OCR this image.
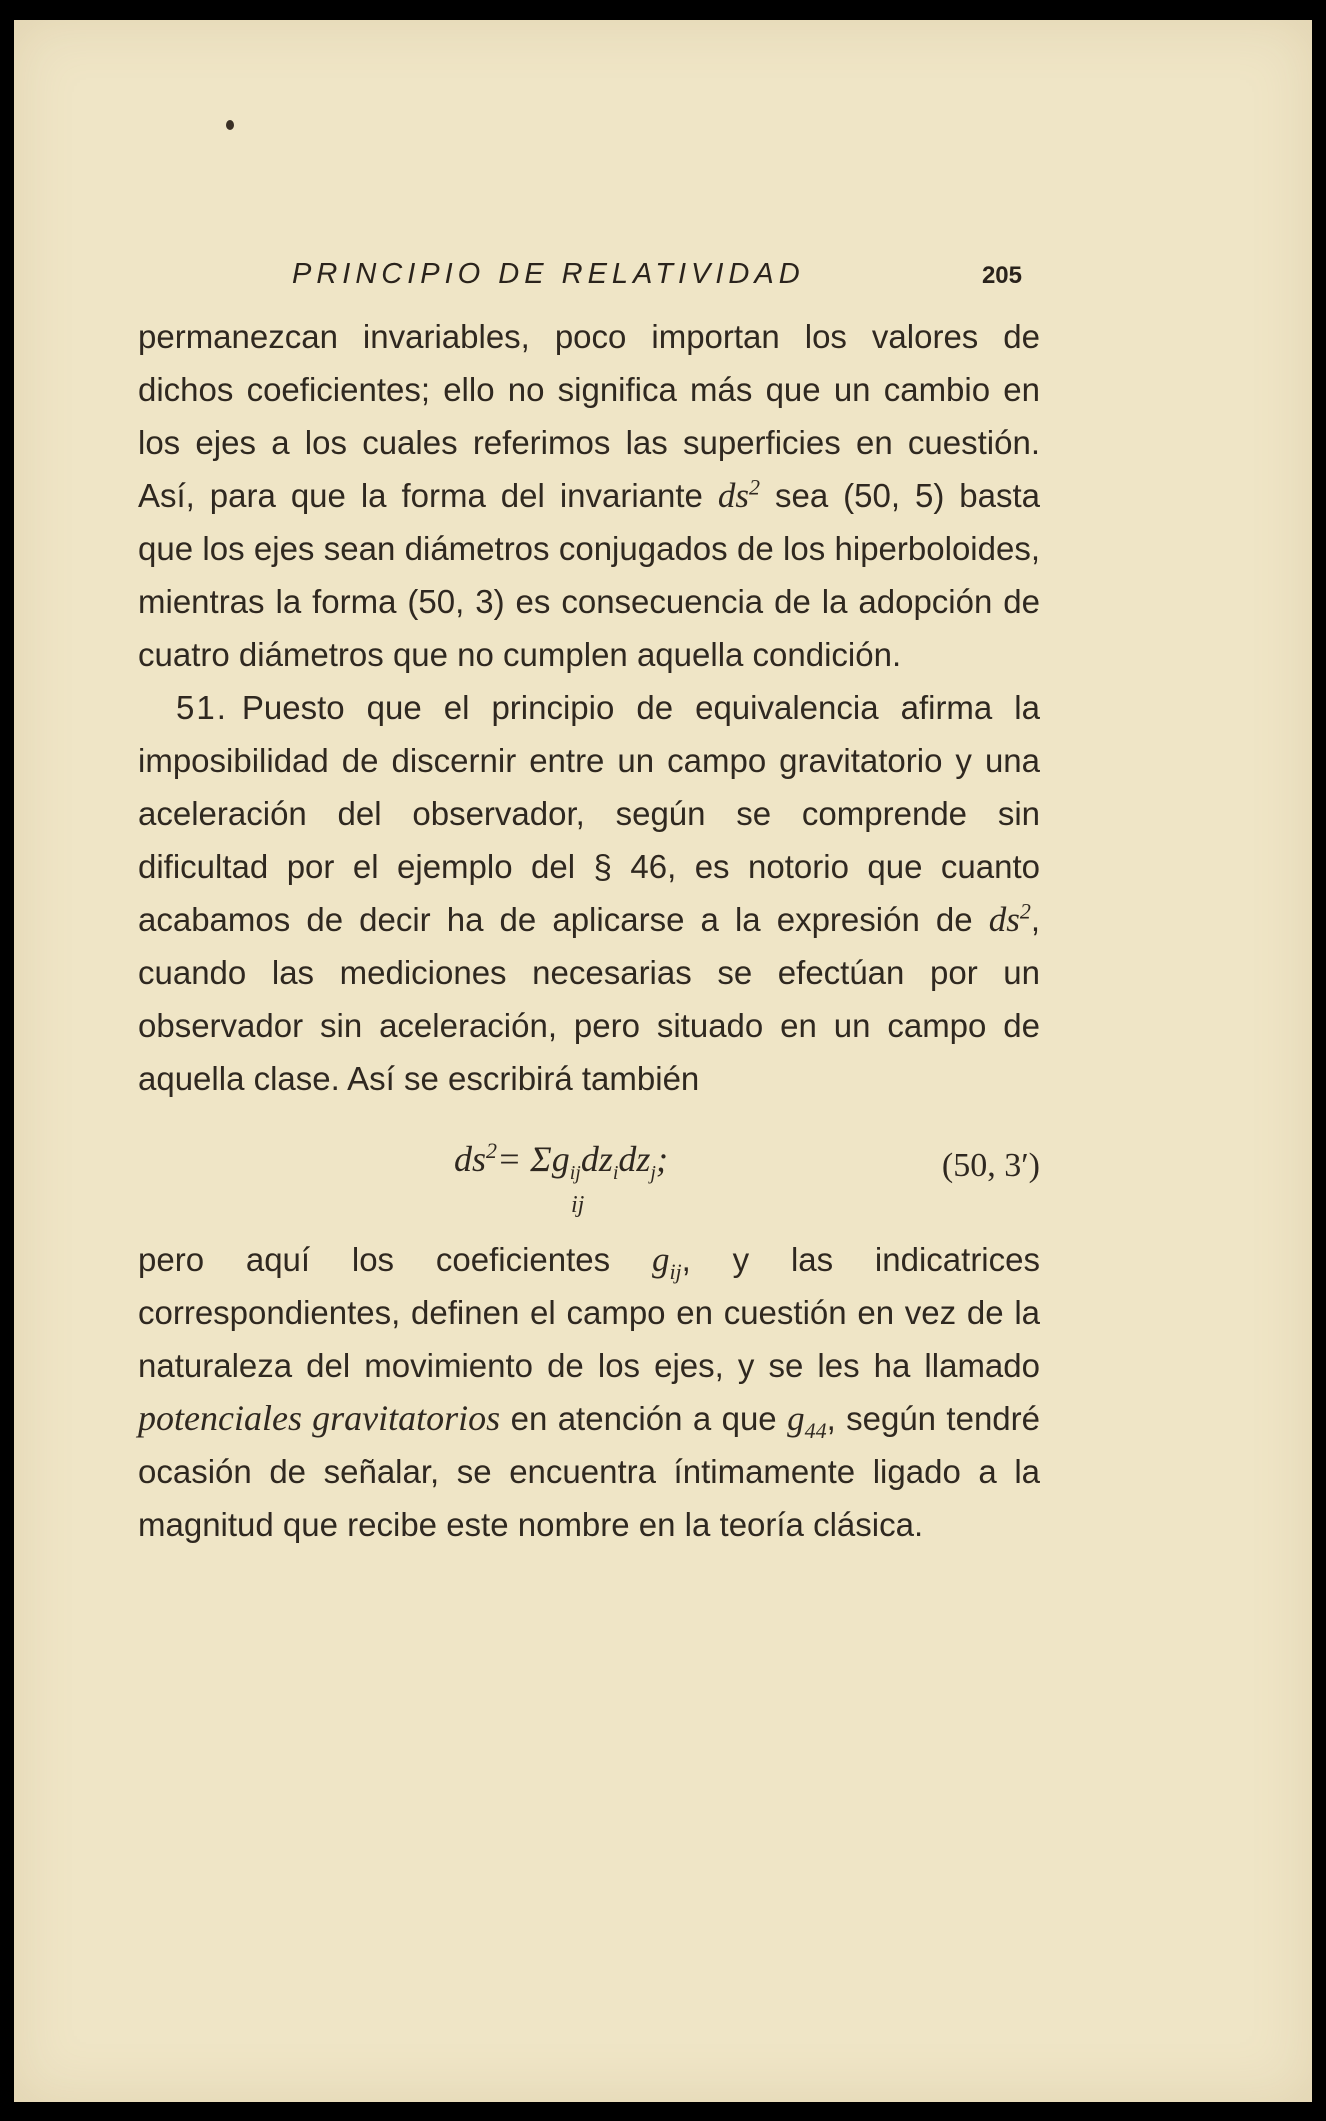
PRINCIPIO DE RELATIVIDAD	205

permanezcan invariables, poco importan los valores de dichos coeficientes; ello no significa más que un cambio en los ejes a los cuales referimos las superficies en cuestión. Así, para que la forma del invariante $ds^2$ sea (50, 5) basta que los ejes sean diámetros conjugados de los hiperboloides, mientras la forma (50, 3) es consecuencia de la adopción de cuatro diámetros que no cumplen aquella condición.

51. Puesto que el principio de equivalencia afirma la imposibilidad de discernir entre un campo gravitatorio y una aceleración del observador, según se comprende sin dificultad por el ejemplo del § 46, es notorio que cuanto acabamos de decir ha de aplicarse a la expresión de $ds^2$, cuando las mediciones necesarias se efectúan por un observador sin aceleración, pero situado en un campo de aquella clase. Así se escribirá también

$ds^2= \Sigma g$
ij
$_{ij}dz_idz_j$;	(50, 3′)

pero aquí los coeficientes $g_{ij}$, y las indicatrices correspondientes, definen el campo en cuestión en vez de la naturaleza del movimiento de los ejes, y se les ha llamado potenciales gravitatorios en atención a que $g_{44}$, según tendré ocasión de señalar, se encuentra íntimamente ligado a la magnitud que recibe este nombre en la teoría clásica.
